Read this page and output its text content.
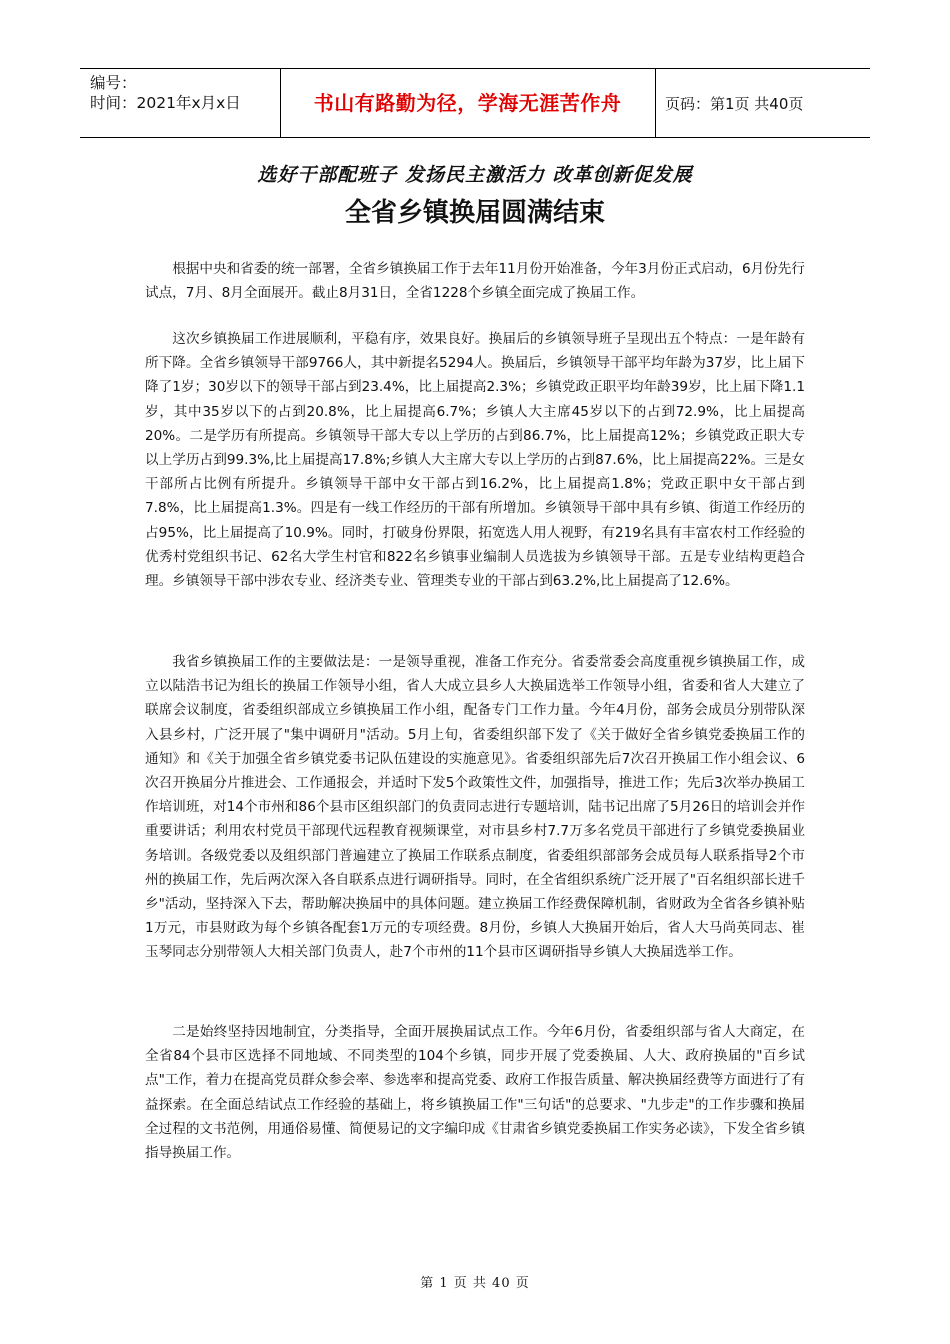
编号：
时间：2021年x月x日	书山有路勤为径，学海无涯苦作舟	页码：第1页 共40页
选好干部配班子 发扬民主激活力 改革创新促发展
全省乡镇换届圆满结束

根据中央和省委的统一部署，全省乡镇换届工作于去年11月份开始准备，今年3月份正式启动，6月份先行试点，7月、8月全面展开。截止8月31日，全省1228个乡镇全面完成了换届工作。

这次乡镇换届工作进展顺利，平稳有序，效果良好。换届后的乡镇领导班子呈现出五个特点：一是年龄有所下降。全省乡镇领导干部9766人，其中新提名5294人。换届后，乡镇领导干部平均年龄为37岁，比上届下降了1岁；30岁以下的领导干部占到23.4%，比上届提高2.3%；乡镇党政正职平均年龄39岁，比上届下降1.1岁，其中35岁以下的占到20.8%，比上届提高6.7%；乡镇人大主席45岁以下的占到72.9%，比上届提高20%。二是学历有所提高。乡镇领导干部大专以上学历的占到86.7%，比上届提高12%；乡镇党政正职大专以上学历占到99.3%,比上届提高17.8%;乡镇人大主席大专以上学历的占到87.6%，比上届提高22%。三是女干部所占比例有所提升。乡镇领导干部中女干部占到16.2%，比上届提高1.8%；党政正职中女干部占到7.8%，比上届提高1.3%。四是有一线工作经历的干部有所增加。乡镇领导干部中具有乡镇、街道工作经历的占95%，比上届提高了10.9%。同时，打破身份界限，拓宽选人用人视野，有219名具有丰富农村工作经验的优秀村党组织书记、62名大学生村官和822名乡镇事业编制人员选拔为乡镇领导干部。五是专业结构更趋合理。乡镇领导干部中涉农专业、经济类专业、管理类专业的干部占到63.2%,比上届提高了12.6%。

我省乡镇换届工作的主要做法是：一是领导重视，准备工作充分。省委常委会高度重视乡镇换届工作，成立以陆浩书记为组长的换届工作领导小组，省人大成立县乡人大换届选举工作领导小组，省委和省人大建立了联席会议制度，省委组织部成立乡镇换届工作小组，配备专门工作力量。今年4月份，部务会成员分别带队深入县乡村，广泛开展了"集中调研月"活动。5月上旬，省委组织部下发了《关于做好全省乡镇党委换届工作的通知》和《关于加强全省乡镇党委书记队伍建设的实施意见》。省委组织部先后7次召开换届工作小组会议、6次召开换届分片推进会、工作通报会，并适时下发5个政策性文件，加强指导，推进工作；先后3次举办换届工作培训班，对14个市州和86个县市区组织部门的负责同志进行专题培训，陆书记出席了5月26日的培训会并作重要讲话；利用农村党员干部现代远程教育视频课堂，对市县乡村7.7万多名党员干部进行了乡镇党委换届业务培训。各级党委以及组织部门普遍建立了换届工作联系点制度，省委组织部部务会成员每人联系指导2个市州的换届工作，先后两次深入各自联系点进行调研指导。同时，在全省组织系统广泛开展了"百名组织部长进千乡"活动，坚持深入下去，帮助解决换届中的具体问题。建立换届工作经费保障机制，省财政为全省各乡镇补贴1万元，市县财政为每个乡镇各配套1万元的专项经费。8月份，乡镇人大换届开始后，省人大马尚英同志、崔玉琴同志分别带领人大相关部门负责人，赴7个市州的11个县市区调研指导乡镇人大换届选举工作。

二是始终坚持因地制宜，分类指导，全面开展换届试点工作。今年6月份，省委组织部与省人大商定，在全省84个县市区选择不同地域、不同类型的104个乡镇，同步开展了党委换届、人大、政府换届的"百乡试点"工作，着力在提高党员群众参会率、参选率和提高党委、政府工作报告质量、解决换届经费等方面进行了有益探索。在全面总结试点工作经验的基础上，将乡镇换届工作"三句话"的总要求、"九步走"的工作步骤和换届全过程的文书范例，用通俗易懂、简便易记的文字编印成《甘肃省乡镇党委换届工作实务必读》，下发全省乡镇指导换届工作。

第 1 页 共 40 页
